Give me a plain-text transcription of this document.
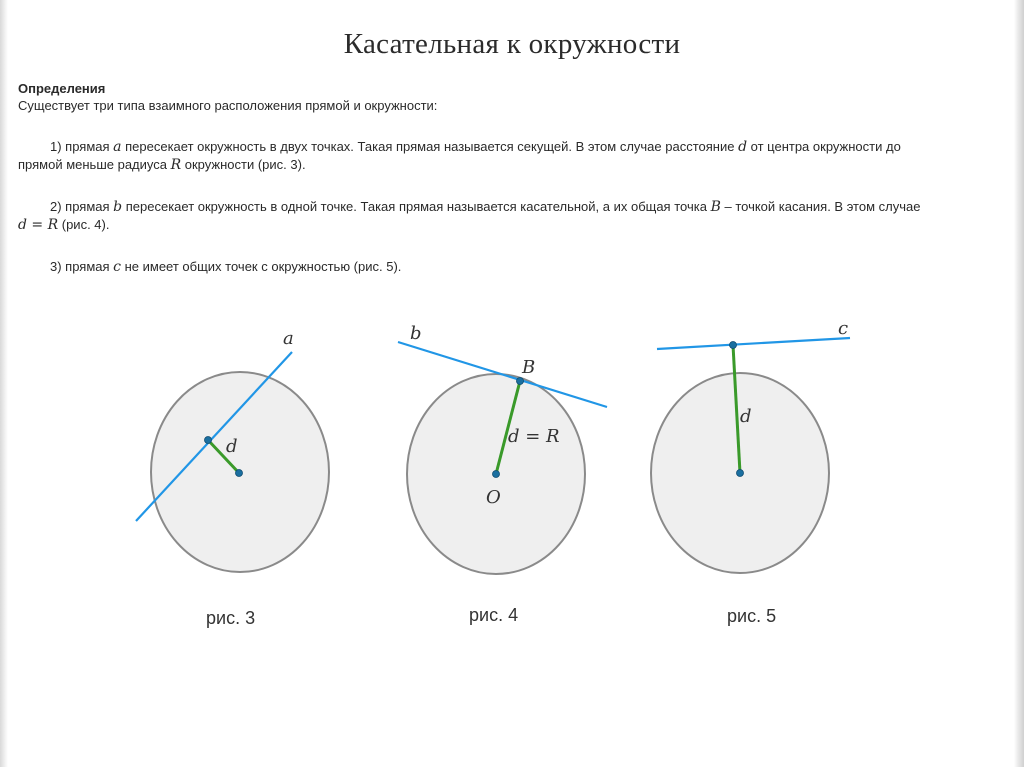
Касательная к окружности
Определения
Существует три типа взаимного расположения прямой и окружности:
1) прямая a пересекает окружность в двух точках. Такая прямая называется секущей. В этом случае расстояние d от центра окружности до
прямой меньше радиуса R окружности (рис. 3).
2) прямая b пересекает окружность в одной точке. Такая прямая называется касательной, а их общая точка B – точкой касания. В этом случае
d = R (рис. 4).
3) прямая c не имеет общих точек с окружностью (рис. 5).
a
d
b
B
d = R
O
c
d
рис. 3	рис. 4	рис. 5
